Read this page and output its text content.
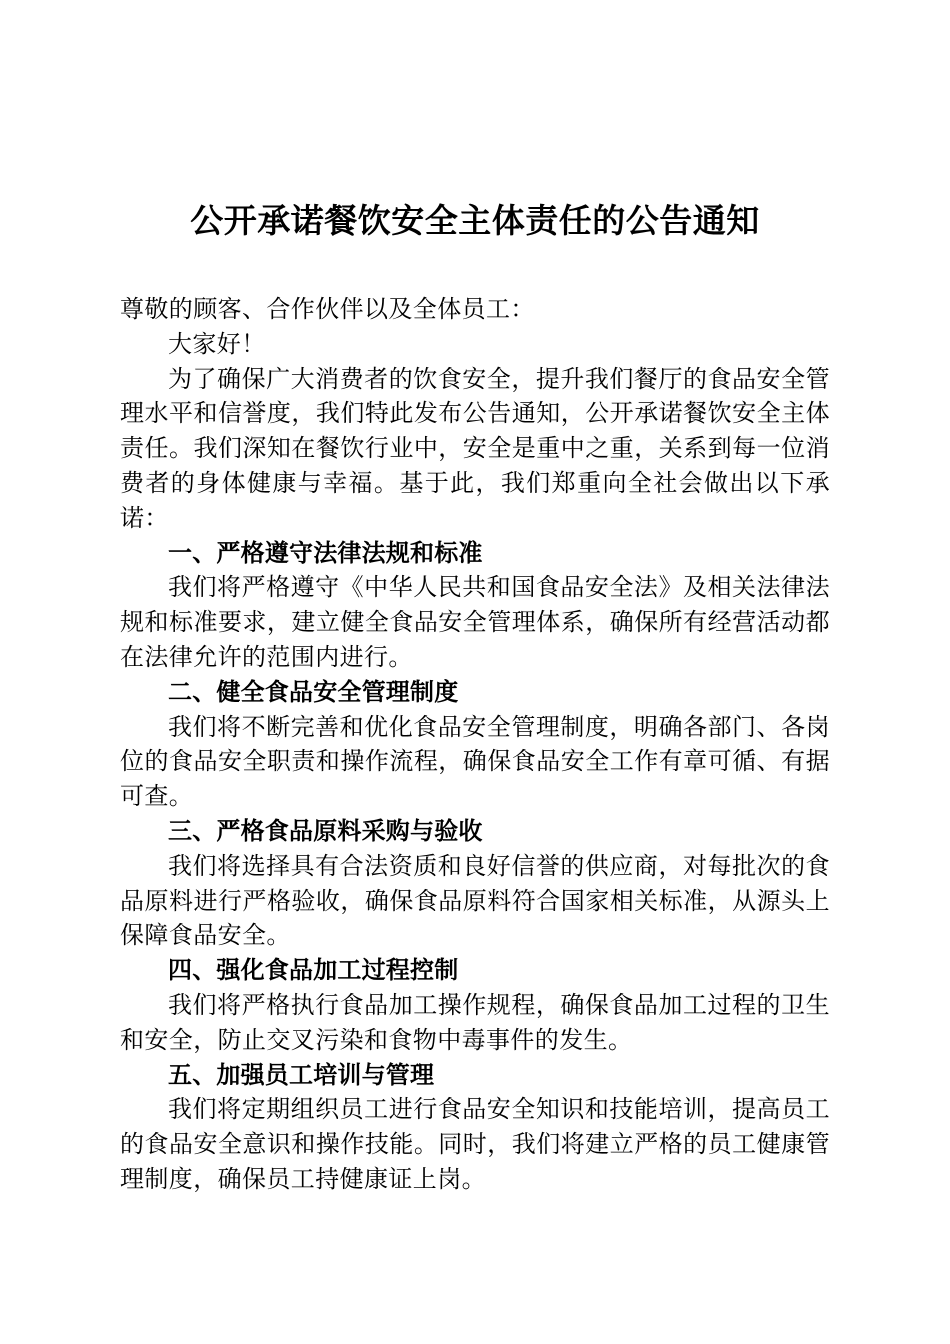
公开承诺餐饮安全主体责任的公告通知

尊敬的顾客、合作伙伴以及全体员工：

大家好！

为了确保广大消费者的饮食安全，提升我们餐厅的食品安全管理水平和信誉度，我们特此发布公告通知，公开承诺餐饮安全主体责任。我们深知在餐饮行业中，安全是重中之重，关系到每一位消费者的身体健康与幸福。基于此，我们郑重向全社会做出以下承诺：

一、严格遵守法律法规和标准

我们将严格遵守《中华人民共和国食品安全法》及相关法律法规和标准要求，建立健全食品安全管理体系，确保所有经营活动都在法律允许的范围内进行。

二、健全食品安全管理制度

我们将不断完善和优化食品安全管理制度，明确各部门、各岗位的食品安全职责和操作流程，确保食品安全工作有章可循、有据可查。

三、严格食品原料采购与验收

我们将选择具有合法资质和良好信誉的供应商，对每批次的食品原料进行严格验收，确保食品原料符合国家相关标准，从源头上保障食品安全。

四、强化食品加工过程控制

我们将严格执行食品加工操作规程，确保食品加工过程的卫生和安全，防止交叉污染和食物中毒事件的发生。

五、加强员工培训与管理

我们将定期组织员工进行食品安全知识和技能培训，提高员工的食品安全意识和操作技能。同时，我们将建立严格的员工健康管理制度，确保员工持健康证上岗。
